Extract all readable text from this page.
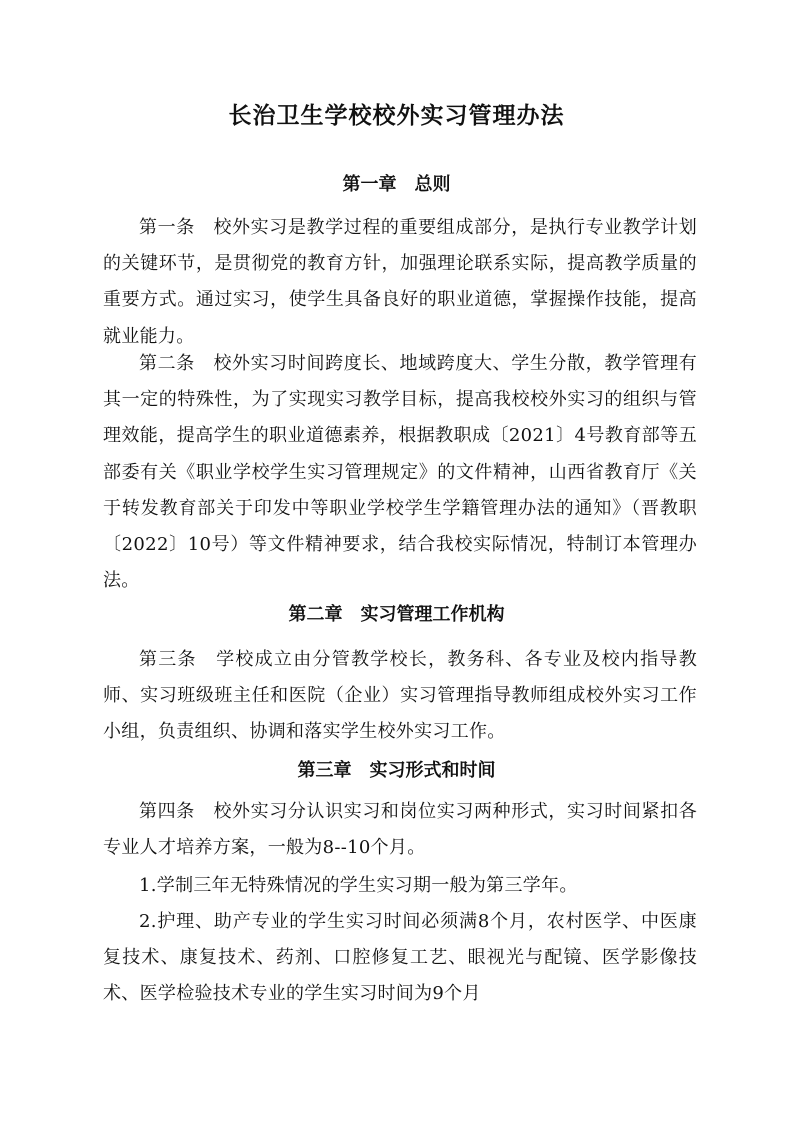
长治卫生学校校外实习管理办法
第一章　总则

第一条　校外实习是教学过程的重要组成部分，是执行专业教学计划的关键环节，是贯彻党的教育方针，加强理论联系实际，提高教学质量的重要方式。通过实习，使学生具备良好的职业道德，掌握操作技能，提高就业能力。

第二条　校外实习时间跨度长、地域跨度大、学生分散，教学管理有其一定的特殊性，为了实现实习教学目标，提高我校校外实习的组织与管理效能，提高学生的职业道德素养，根据教职成〔2021〕4号教育部等五部委有关《职业学校学生实习管理规定》的文件精神，山西省教育厅《关于转发教育部关于印发中等职业学校学生学籍管理办法的通知》（晋教职〔2022〕10号）等文件精神要求，结合我校实际情况，特制订本管理办法。

第二章　实习管理工作机构

第三条　学校成立由分管教学校长，教务科、各专业及校内指导教师、实习班级班主任和医院（企业）实习管理指导教师组成校外实习工作小组，负责组织、协调和落实学生校外实习工作。

第三章　实习形式和时间

第四条　校外实习分认识实习和岗位实习两种形式，实习时间紧扣各专业人才培养方案，一般为8--10个月。

1.学制三年无特殊情况的学生实习期一般为第三学年。

2.护理、助产专业的学生实习时间必须满8个月，农村医学、中医康复技术、康复技术、药剂、口腔修复工艺、眼视光与配镜、医学影像技术、医学检验技术专业的学生实习时间为9个月
